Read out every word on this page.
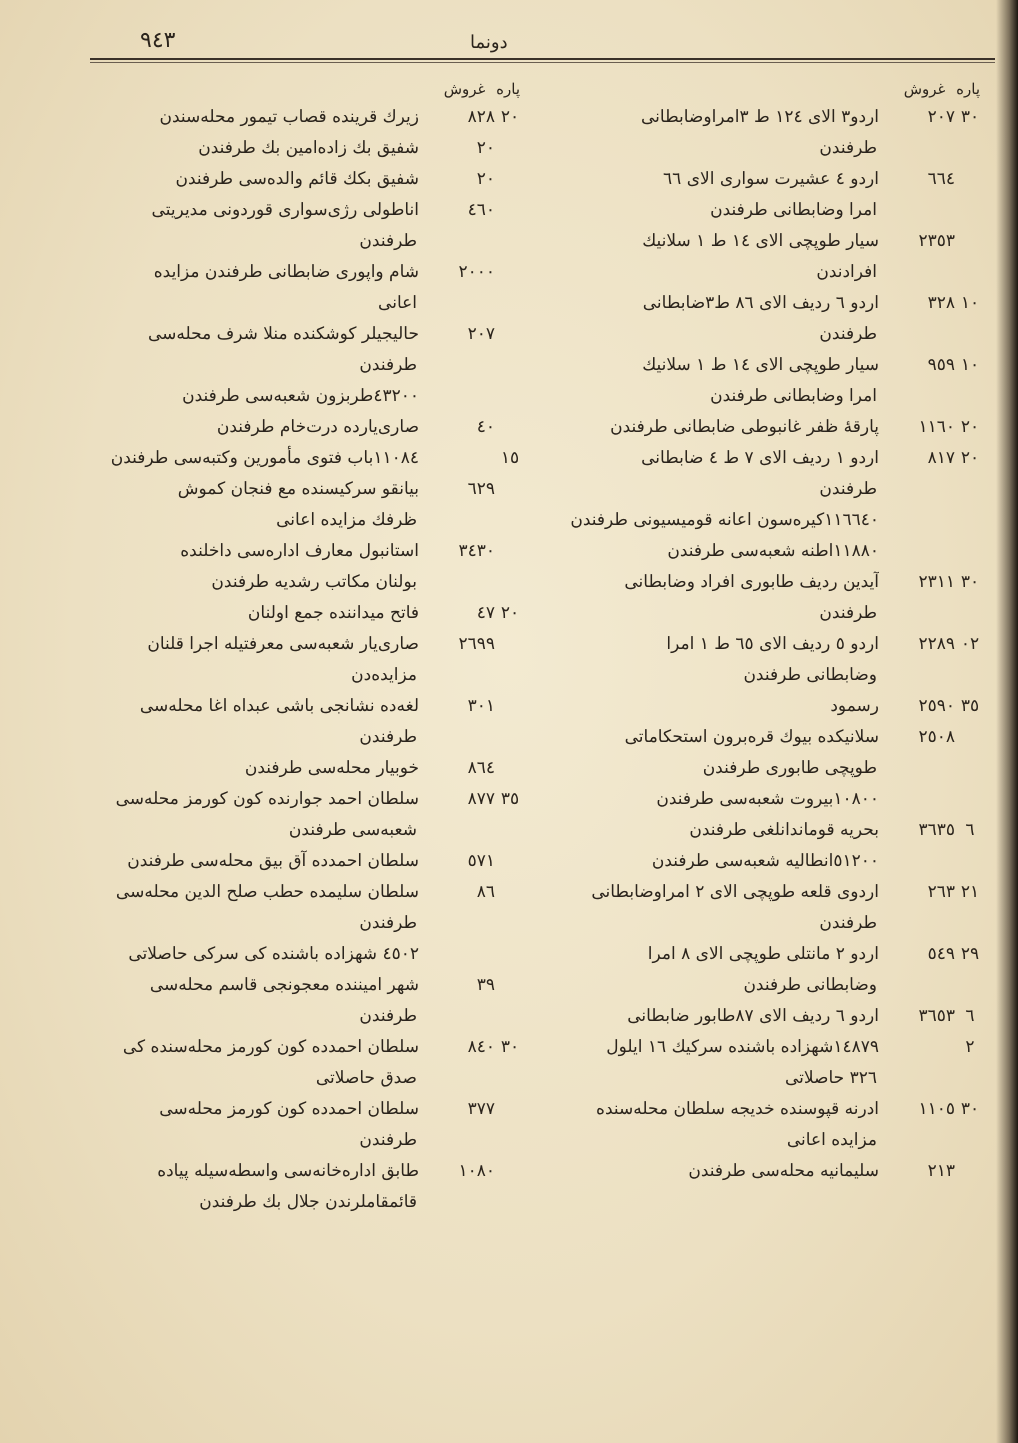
٩٤٣	دونما
پاره غروش
٣٠
٢٠٧
اردو٣ الای ١٢٤ ط ٣امراوضابطانی
طرفندن
٦٦٤
اردو ٤ عشیرت سواری الای ٦٦
امرا وضابطانی طرفندن
٢٣٥٣
سیار طوپچی الای ١٤ ط ١ سلانیك
افرادندن
١٠
٣٢٨
اردو ٦ ردیف الای ٨٦ ط٣ضابطانی
طرفندن
١٠
٩٥٩
سیار طوپچی الای ١٤ ط ١ سلانیك
امرا وضابطانی طرفندن
٢٠
١١٦٠
پارقۀ ظفر غانبوطی ضابطانی طرفندن
٢٠
٨١٧
اردو ١ ردیف الای ٧ ط ٤ ضابطانی
طرفندن
١١٦٦٤٠کیره‌سون اعانه قومیسیونی طرفندن
١١٨٨٠اطنه شعبه‌سی طرفندن
٣٠
٢٣١١
آیدین ردیف طابوری افراد وضابطانی
طرفندن
٠٢
٢٢٨٩
اردو ٥ ردیف الای ٦٥ ط ١ امرا
وضابطانی طرفندن
٣٥
٢٥٩٠
رسمود
٢٥٠٨
سلانیکده بیوك قره‌برون استحکاماتی
طوپچی طابوری طرفندن
١٠٨٠٠بیروت شعبه‌سی طرفندن
٦
٣٦٣٥
بحریه قوماندانلغی طرفندن
٥١٢٠٠انطالیه شعبه‌سی طرفندن
٢١
٢٦٣
اردوی قلعه طوپچی الای ٢ امراوضابطانی
طرفندن
٢٩
٥٤٩
اردو ٢ مانتلی طوپچی الای ٨ امرا
وضابطانی طرفندن
٦
٣٦٥٣
اردو ٦ ردیف الای ٨٧طابور ضابطانی
٢
١٤٨٧٩شهزاده باشنده سرکیك ١٦ ایلول
٣٢٦ حاصلاتی
٣٠
١١٠٥
ادرنه قپوسنده خدیجه سلطان محله‌سنده
مزایده اعانی
٢١٣
سلیمانیه محله‌سی طرفندن
پاره غروش
٢٠
٨٢٨
زیرك قرینده قصاب تیمور محله‌سندن
٢٠
شفیق بك زاده‌امین بك طرفندن
٢٠
شفیق بکك قائم والده‌سی طرفندن
٤٦٠
اناطولی رژی‌سواری قوردونی مدیریتی
طرفندن
٢٠٠٠
شام واپوری ضابطانی طرفندن مزایده
اعانی
٢٠٧
حالیجیلر کوشکنده منلا شرف محله‌سی
طرفندن
٤٣٢٠٠طربزون شعبه‌سی طرفندن
٤٠
صاری‌یارده درت‌خام طرفندن
١٥
١١٠٨٤باب فتوی مأمورین وکتبه‌سی طرفندن
٦٢٩
بیانقو سرکیسنده مع فنجان کموش
ظرفك مزایده اعانی
٣٤٣٠
استانبول معارف اداره‌سی داخلنده
بولنان مکاتب رشدیه طرفندن
٢٠
٤٧
فاتح میداننده جمع اولنان
٢٦٩٩
صاری‌یار شعبه‌سی معرفتیله اجرا قلنان
مزایده‌دن
٣٠١
لغه‌ده نشانجی باشی عبداه اغا محله‌سی
طرفندن
٨٦٤
خوبیار محله‌سی طرفندن
٣٥
٨٧٧
سلطان احمد جوارنده کون کورمز محله‌سی
شعبه‌سی طرفندن
٥٧١
سلطان احمدده آق بیق محله‌سی طرفندن
٨٦
سلطان سلیمده حطب صلح الدین محله‌سی
طرفندن
٤٥٠٢ شهزاده باشنده کی سرکی حاصلاتی
٣٩
شهر امیننده معجونجی قاسم محله‌سی
طرفندن
٣٠
٨٤٠
سلطان احمدده کون کورمز محله‌سنده کی
صدق حاصلاتی
٣٧٧
سلطان احمدده کون کورمز محله‌سی
طرفندن
١٠٨٠
طابق اداره‌خانه‌سی واسطه‌سیله پیاده
قائمقاملرندن جلال بك طرفندن
